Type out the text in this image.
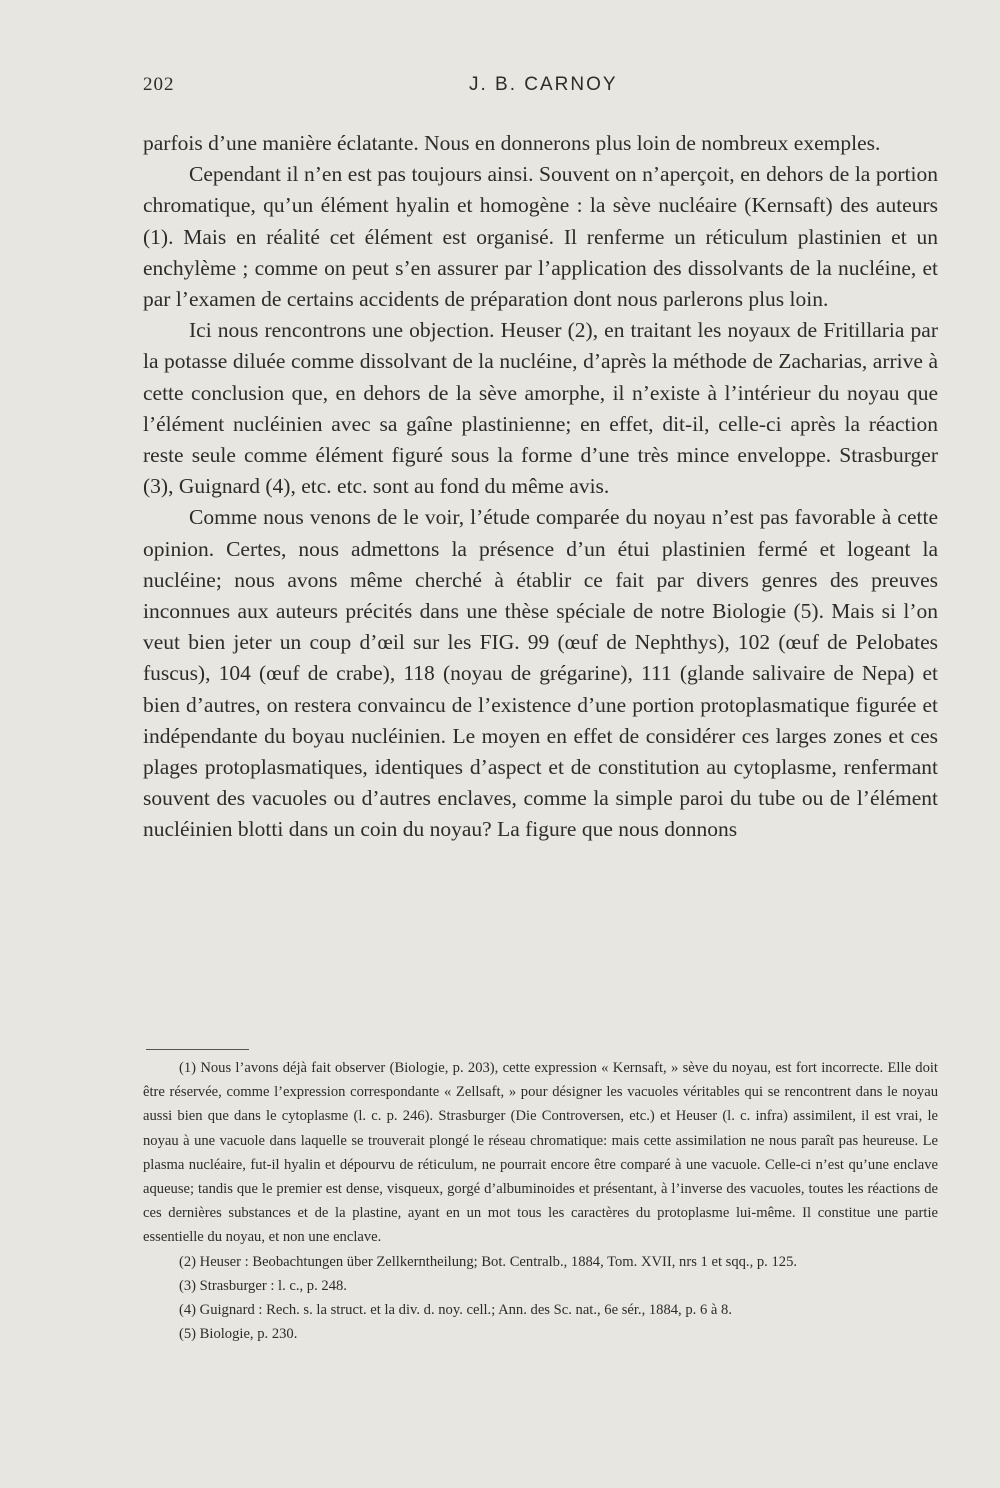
202	J. B. CARNOY

parfois d’une manière éclatante. Nous en donnerons plus loin de nombreux exemples.

Cependant il n’en est pas toujours ainsi. Souvent on n’aperçoit, en dehors de la portion chromatique, qu’un élément hyalin et homogène : la sève nucléaire (Kernsaft) des auteurs (1). Mais en réalité cet élément est organisé. Il renferme un réticulum plastinien et un enchylème ; comme on peut s’en assurer par l’application des dissolvants de la nucléine, et par l’examen de certains accidents de préparation dont nous parlerons plus loin.

Ici nous rencontrons une objection. Heuser (2), en traitant les noyaux de Fritillaria par la potasse diluée comme dissolvant de la nucléine, d’après la méthode de Zacharias, arrive à cette conclusion que, en dehors de la sève amorphe, il n’existe à l’intérieur du noyau que l’élément nucléinien avec sa gaîne plastinienne; en effet, dit-il, celle-ci après la réaction reste seule comme élément figuré sous la forme d’une très mince enveloppe. Strasburger (3), Guignard (4), etc. etc. sont au fond du même avis.

Comme nous venons de le voir, l’étude comparée du noyau n’est pas favorable à cette opinion. Certes, nous admettons la présence d’un étui plastinien fermé et logeant la nucléine; nous avons même cherché à établir ce fait par divers genres des preuves inconnues aux auteurs précités dans une thèse spéciale de notre Biologie (5). Mais si l’on veut bien jeter un coup d’œil sur les FIG. 99 (œuf de Nephthys), 102 (œuf de Pelobates fuscus), 104 (œuf de crabe), 118 (noyau de grégarine), 111 (glande salivaire de Nepa) et bien d’autres, on restera convaincu de l’existence d’une portion protoplasmatique figurée et indépendante du boyau nucléinien. Le moyen en effet de considérer ces larges zones et ces plages protoplasmatiques, identiques d’aspect et de constitution au cytoplasme, renfermant souvent des vacuoles ou d’autres enclaves, comme la simple paroi du tube ou de l’élément nucléinien blotti dans un coin du noyau? La figure que nous donnons

(1) Nous l’avons déjà fait observer (Biologie, p. 203), cette expression « Kernsaft, » sève du noyau, est fort incorrecte. Elle doit être réservée, comme l’expression correspondante « Zellsaft, » pour désigner les vacuoles véritables qui se rencontrent dans le noyau aussi bien que dans le cytoplasme (l. c. p. 246). Strasburger (Die Controversen, etc.) et Heuser (l. c. infra) assimilent, il est vrai, le noyau à une vacuole dans laquelle se trouverait plongé le réseau chromatique: mais cette assimilation ne nous paraît pas heureuse. Le plasma nucléaire, fut-il hyalin et dépourvu de réticulum, ne pourrait encore être comparé à une vacuole. Celle-ci n’est qu’une enclave aqueuse; tandis que le premier est dense, visqueux, gorgé d’albuminoides et présentant, à l’inverse des vacuoles, toutes les réactions de ces dernières substances et de la plastine, ayant en un mot tous les caractères du protoplasme lui-même. Il constitue une partie essentielle du noyau, et non une enclave.

(2) Heuser : Beobachtungen über Zellkerntheilung; Bot. Centralb., 1884, Tom. XVII, nrs 1 et sqq., p. 125.

(3) Strasburger : l. c., p. 248.

(4) Guignard : Rech. s. la struct. et la div. d. noy. cell.; Ann. des Sc. nat., 6e sér., 1884, p. 6 à 8.

(5) Biologie, p. 230.
